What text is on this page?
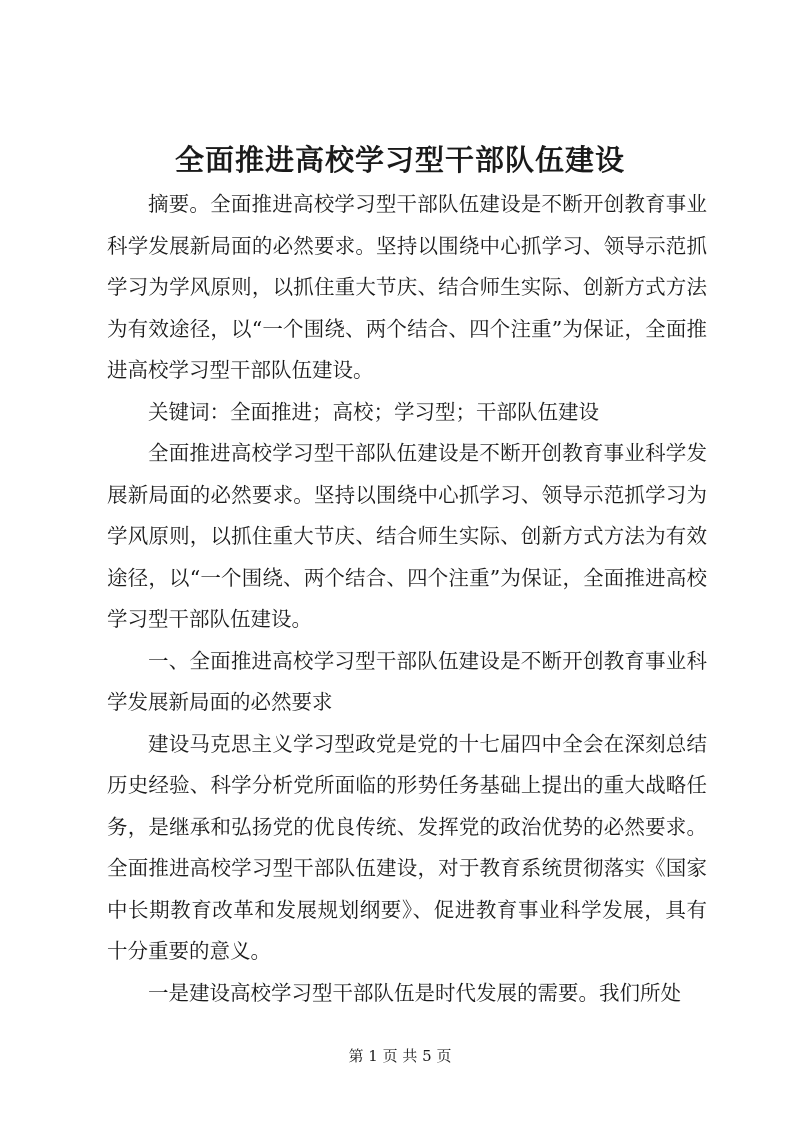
全面推进高校学习型干部队伍建设

摘要。全面推进高校学习型干部队伍建设是不断开创教育事业科学发展新局面的必然要求。坚持以围绕中心抓学习、领导示范抓学习为学风原则，以抓住重大节庆、结合师生实际、创新方式方法为有效途径，以“一个围绕、两个结合、四个注重”为保证，全面推进高校学习型干部队伍建设。

关键词：全面推进；高校；学习型；干部队伍建设

全面推进高校学习型干部队伍建设是不断开创教育事业科学发展新局面的必然要求。坚持以围绕中心抓学习、领导示范抓学习为学风原则，以抓住重大节庆、结合师生实际、创新方式方法为有效途径，以“一个围绕、两个结合、四个注重”为保证，全面推进高校学习型干部队伍建设。

一、全面推进高校学习型干部队伍建设是不断开创教育事业科学发展新局面的必然要求

建设马克思主义学习型政党是党的十七届四中全会在深刻总结历史经验、科学分析党所面临的形势任务基础上提出的重大战略任务，是继承和弘扬党的优良传统、发挥党的政治优势的必然要求。全面推进高校学习型干部队伍建设，对于教育系统贯彻落实《国家中长期教育改革和发展规划纲要》、促进教育事业科学发展，具有十分重要的意义。

一是建设高校学习型干部队伍是时代发展的需要。我们所处

第 1 页 共 5 页
